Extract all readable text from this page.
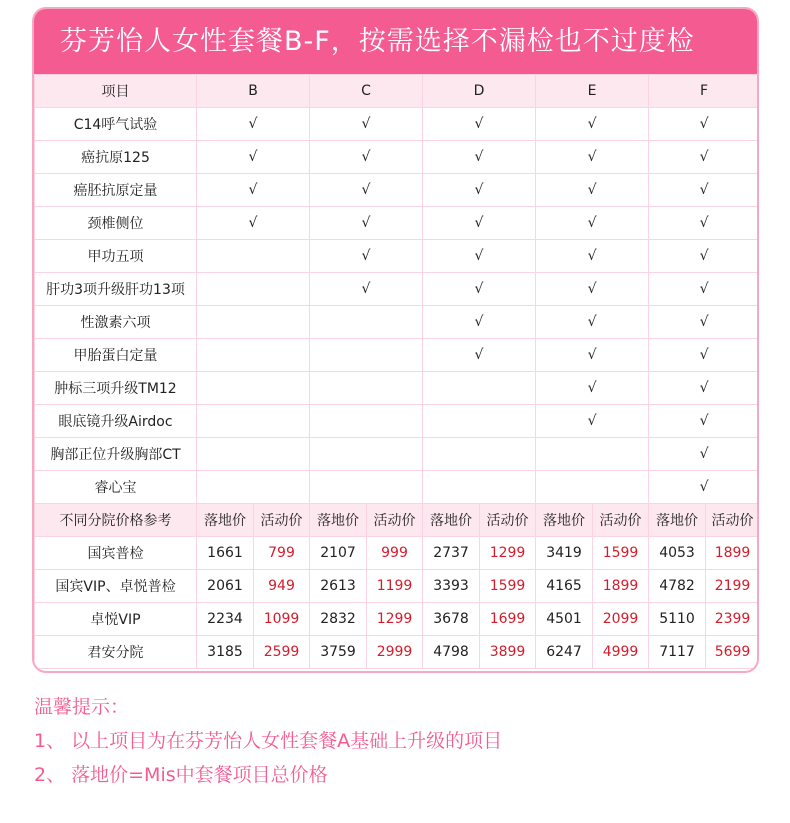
芬芳怡人女性套餐B-F，按需选择不漏检也不过度检
项目	B		C		D		E		F	
C14呼气试验	√		√		√		√		√	
癌抗原125	√		√		√		√		√	
癌胚抗原定量	√		√		√		√		√	
颈椎侧位	√		√		√		√		√	
甲功五项			√		√		√		√	
肝功3项升级肝功13项			√		√		√		√	
性激素六项					√		√		√	
甲胎蛋白定量					√		√		√	
肿标三项升级TM12							√		√	
眼底镜升级Airdoc							√		√	
胸部正位升级胸部CT									√	
睿心宝									√	
不同分院价格参考	落地价	活动价	落地价	活动价	落地价	活动价	落地价	活动价	落地价	活动价
国宾普检	1661	799	2107	999	2737	1299	3419	1599	4053	1899
国宾VIP、卓悦普检	2061	949	2613	1199	3393	1599	4165	1899	4782	2199
卓悦VIP	2234	1099	2832	1299	3678	1699	4501	2099	5110	2399
君安分院	3185	2599	3759	2999	4798	3899	6247	4999	7117	5699
温馨提示：
1、 以上项目为在芬芳怡人女性套餐A基础上升级的项目
2、 落地价=Mis中套餐项目总价格
